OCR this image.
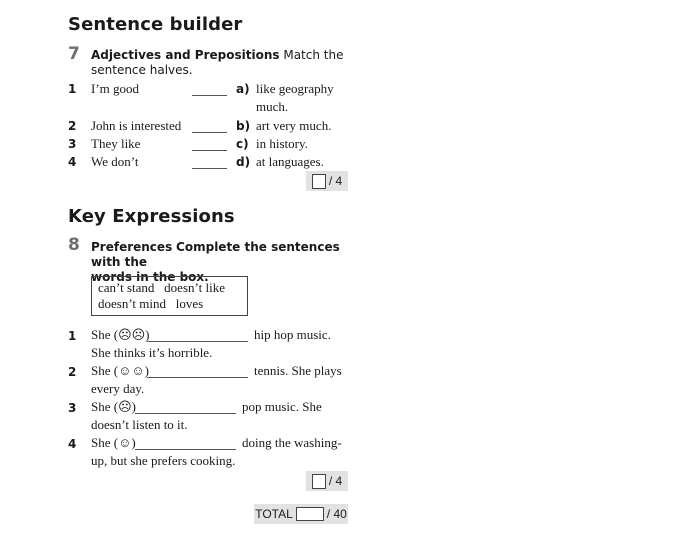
Sentence builder
7 Adjectives and Prepositions Match the
sentence halves.
1 I’m good	a) like geography
much.
2 John is interested	b) art very much.
3 They like	c) in history.
4 We don’t	d) at languages.
/ 4
Key Expressions
8 Preferences Complete the sentences with the
words in the box.
can’t stand   doesn’t like
doesn’t mind   loves
1 She (☹☹)	hip hop music.
She thinks it’s horrible.
2 She (☺☺)	tennis. She plays
every day.
3 She (☹)	pop music. She
doesn’t listen to it.
4 She (☺)	doing the washing-
up, but she prefers cooking.
/ 4
TOTAL	/ 40
